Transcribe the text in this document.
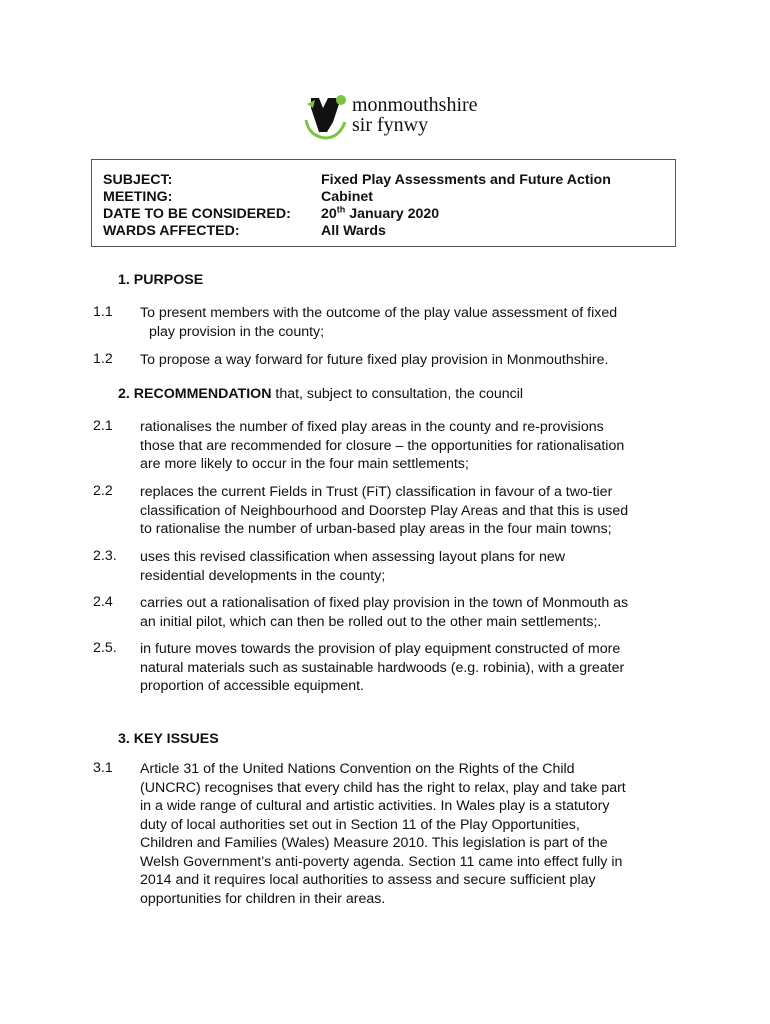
monmouthshire
sir fynwy
SUBJECT:	Fixed Play Assessments and Future Action
MEETING:	Cabinet
DATE TO BE CONSIDERED: 20th January 2020
WARDS AFFECTED:	All Wards
1. PURPOSE
1.1 To present members with the outcome of the play value assessment of fixed
play provision in the county;
1.2 To propose a way forward for future fixed play provision in Monmouthshire.
2. RECOMMENDATION that, subject to consultation, the council
2.1 rationalises the number of fixed play areas in the county and re-provisions
those that are recommended for closure – the opportunities for rationalisation
are more likely to occur in the four main settlements;
2.2 replaces the current Fields in Trust (FiT) classification in favour of a two-tier
classification of Neighbourhood and Doorstep Play Areas and that this is used
to rationalise the number of urban-based play areas in the four main towns;
2.3. uses this revised classification when assessing layout plans for new
residential developments in the county;
2.4 carries out a rationalisation of fixed play provision in the town of Monmouth as
an initial pilot, which can then be rolled out to the other main settlements;.
2.5. in future moves towards the provision of play equipment constructed of more
natural materials such as sustainable hardwoods (e.g. robinia), with a greater
proportion of accessible equipment.
3. KEY ISSUES
3.1 Article 31 of the United Nations Convention on the Rights of the Child
(UNCRC) recognises that every child has the right to relax, play and take part
in a wide range of cultural and artistic activities. In Wales play is a statutory
duty of local authorities set out in Section 11 of the Play Opportunities,
Children and Families (Wales) Measure 2010. This legislation is part of the
Welsh Government’s anti-poverty agenda. Section 11 came into effect fully in
2014 and it requires local authorities to assess and secure sufficient play
opportunities for children in their areas.
